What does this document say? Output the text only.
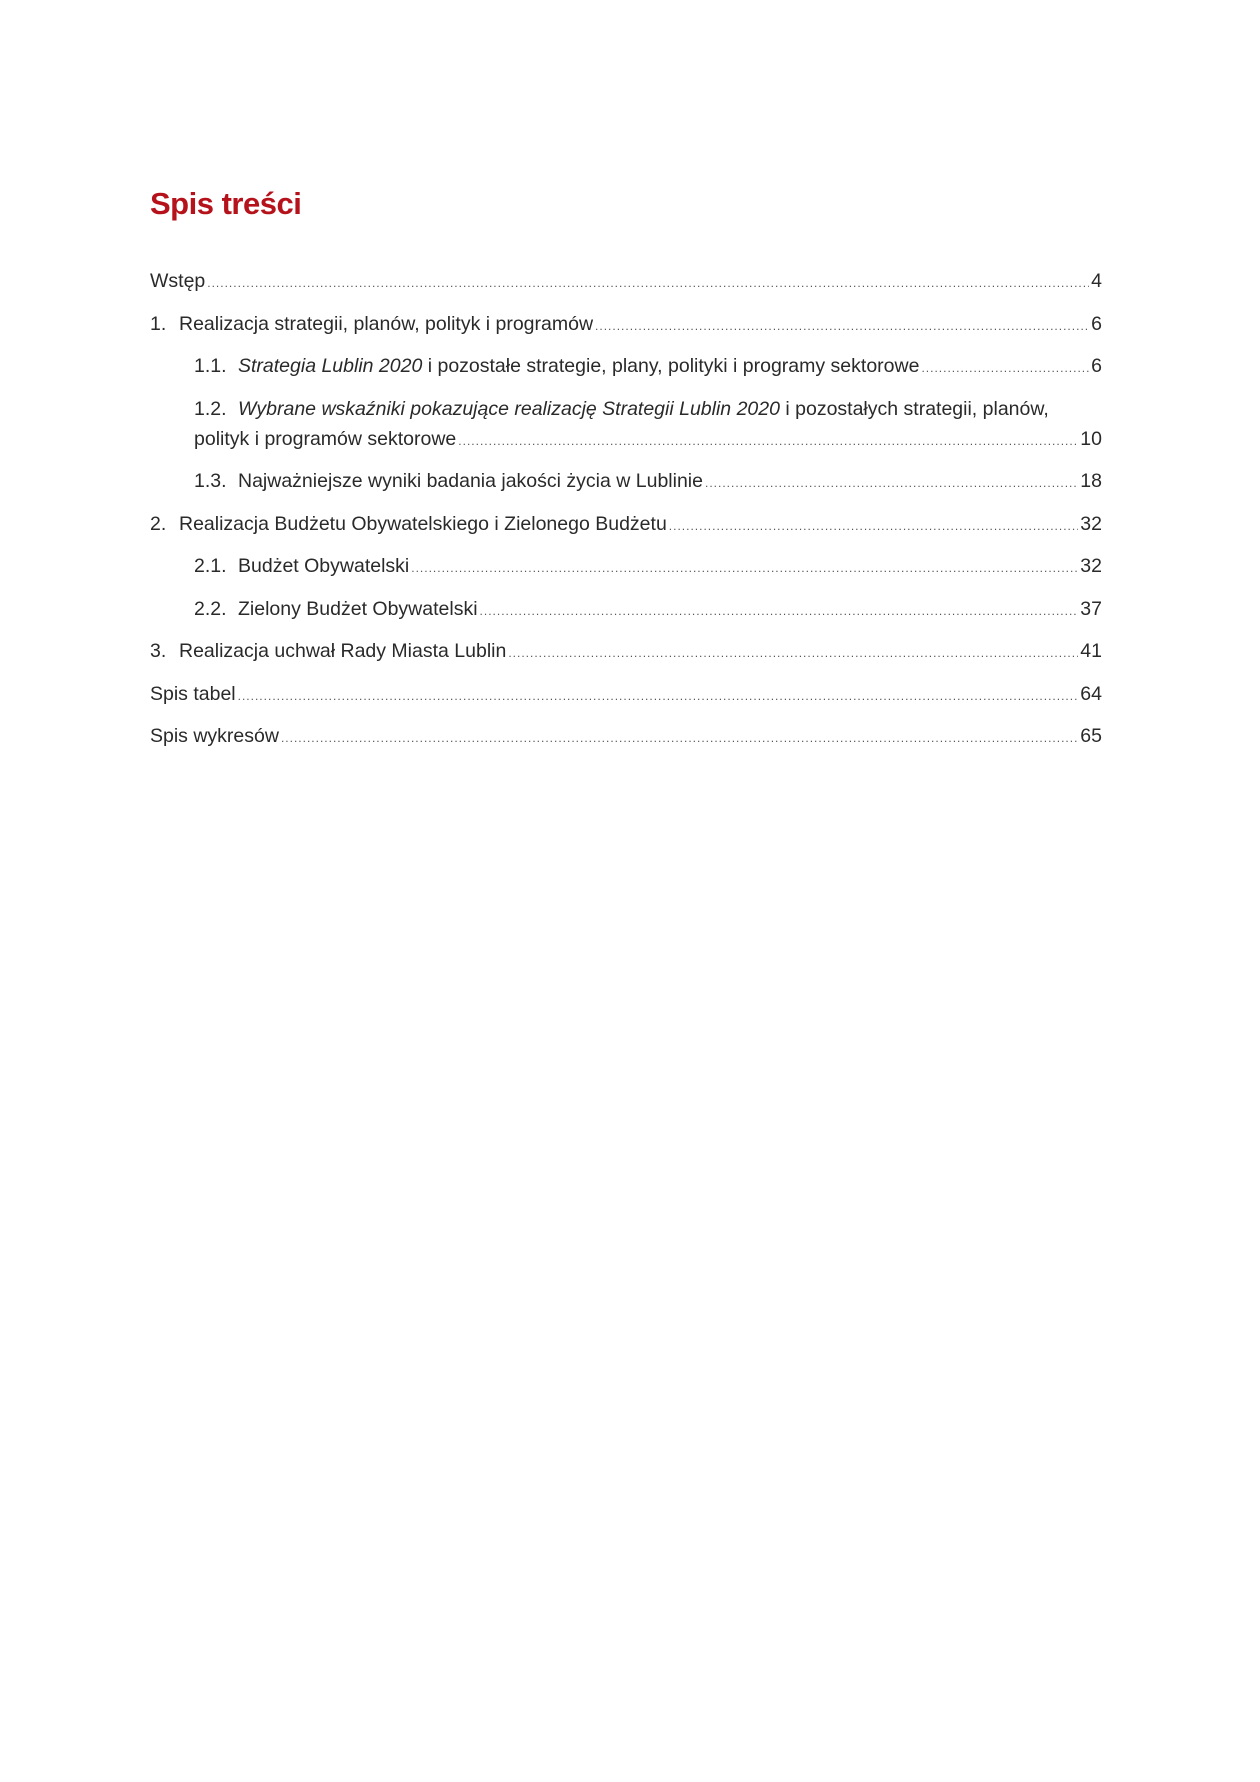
Spis treści
Wstęp .....	4
1. Realizacja strategii, planów, polityk i programów .....	6
1.1. Strategia Lublin 2020 i pozostałe strategie, plany, polityki i programy sektorowe .....	6
1.2. Wybrane wskaźniki pokazujące realizację Strategii Lublin 2020 i pozostałych strategii, planów,
polityk i programów sektorowe .....	10
1.3. Najważniejsze wyniki badania jakości życia w Lublinie .....	18
2. Realizacja Budżetu Obywatelskiego i Zielonego Budżetu .....	32
2.1. Budżet Obywatelski .....	32
2.2. Zielony Budżet Obywatelski .....	37
3. Realizacja uchwał Rady Miasta Lublin .....	41
Spis tabel .....	64
Spis wykresów .....	65
